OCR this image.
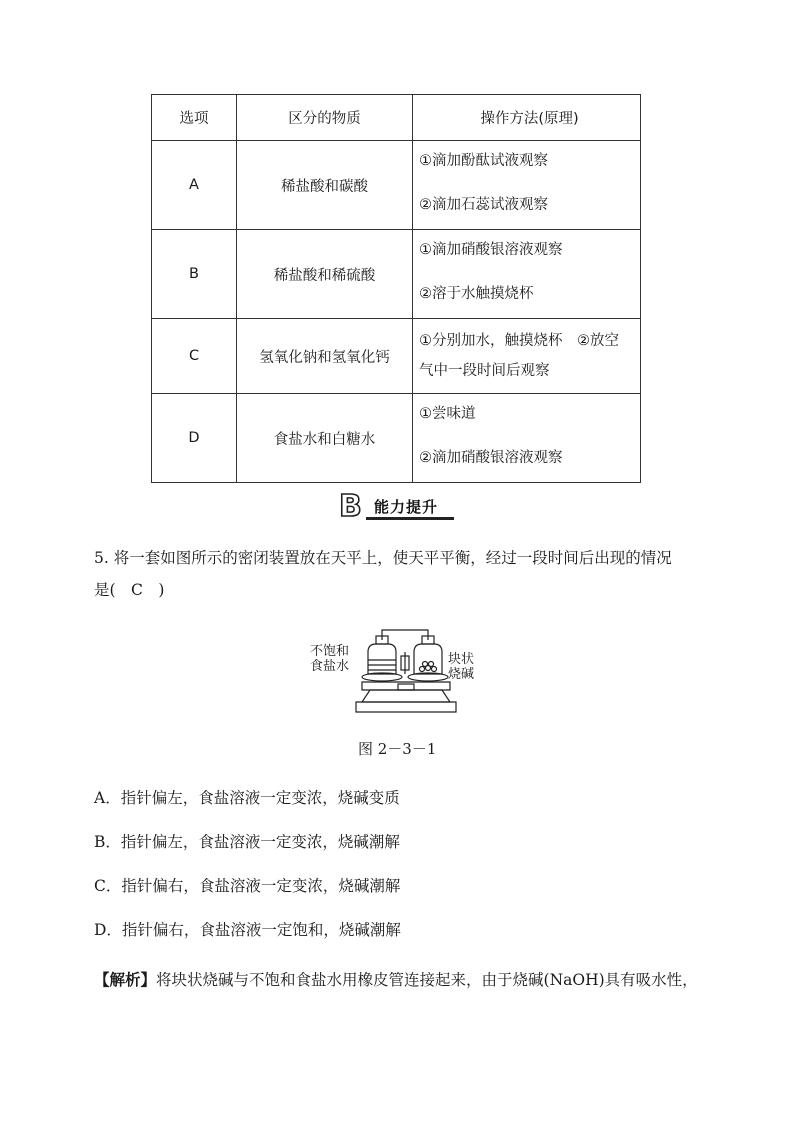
选项	区分的物质	操作方法(原理)
A	稀盐酸和碳酸	①滴加酚酞试液观察
②滴加石蕊试液观察

B	稀盐酸和稀硫酸	①滴加硝酸银溶液观察
②溶于水触摸烧杯

C	氢氧化钠和氢氧化钙	①分别加水，触摸烧杯　②放空
气中一段时间后观察

D	食盐水和白糖水	①尝味道
②滴加硝酸银溶液观察
B 能力提升
5. 将一套如图所示的密闭装置放在天平上，使天平平衡，经过一段时间后出现的情况
是(　C　)
不饱和
食盐水	块状
烧碱
图 2－3－1
A．指针偏左，食盐溶液一定变浓，烧碱变质
B．指针偏左，食盐溶液一定变浓，烧碱潮解
C．指针偏右，食盐溶液一定变浓，烧碱潮解
D．指针偏右，食盐溶液一定饱和，烧碱潮解
【解析】将块状烧碱与不饱和食盐水用橡皮管连接起来，由于烧碱(NaOH)具有吸水性，
